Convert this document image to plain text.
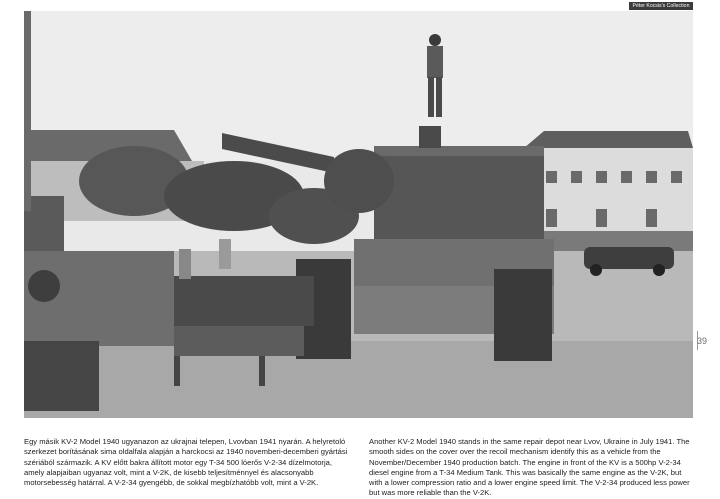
Péter Kocsis's Collection
39
Egy másik KV-2 Model 1940 ugyanazon az ukrajnai telepen, Lvovban 1941 nyarán. A helyretoló szerkezet borításának sima oldalfala alapján a harckocsi az 1940 novemberi-decemberi gyártási szériából származik. A KV előtt bakra állított motor egy T-34 500 lóerős V-2-34 dízelmotorja, amely alapjaiban ugyanaz volt, mint a V-2K, de kisebb teljesítménnyel és alacsonyabb motorsebesség határral. A V-2-34 gyengébb, de sokkal megbízhatóbb volt, mint a V-2K.
Another KV-2 Model 1940 stands in the same repair depot near Lvov, Ukraine in July 1941. The smooth sides on the cover over the recoil mechanism identify this as a vehicle from the November/December 1940 production batch. The engine in front of the KV is a 500hp V-2-34 diesel engine from a T-34 Medium Tank. This was basically the same engine as the V-2K, but with a lower compression ratio and a lower engine speed limit. The V-2-34 produced less power but was more reliable than the V-2K.
